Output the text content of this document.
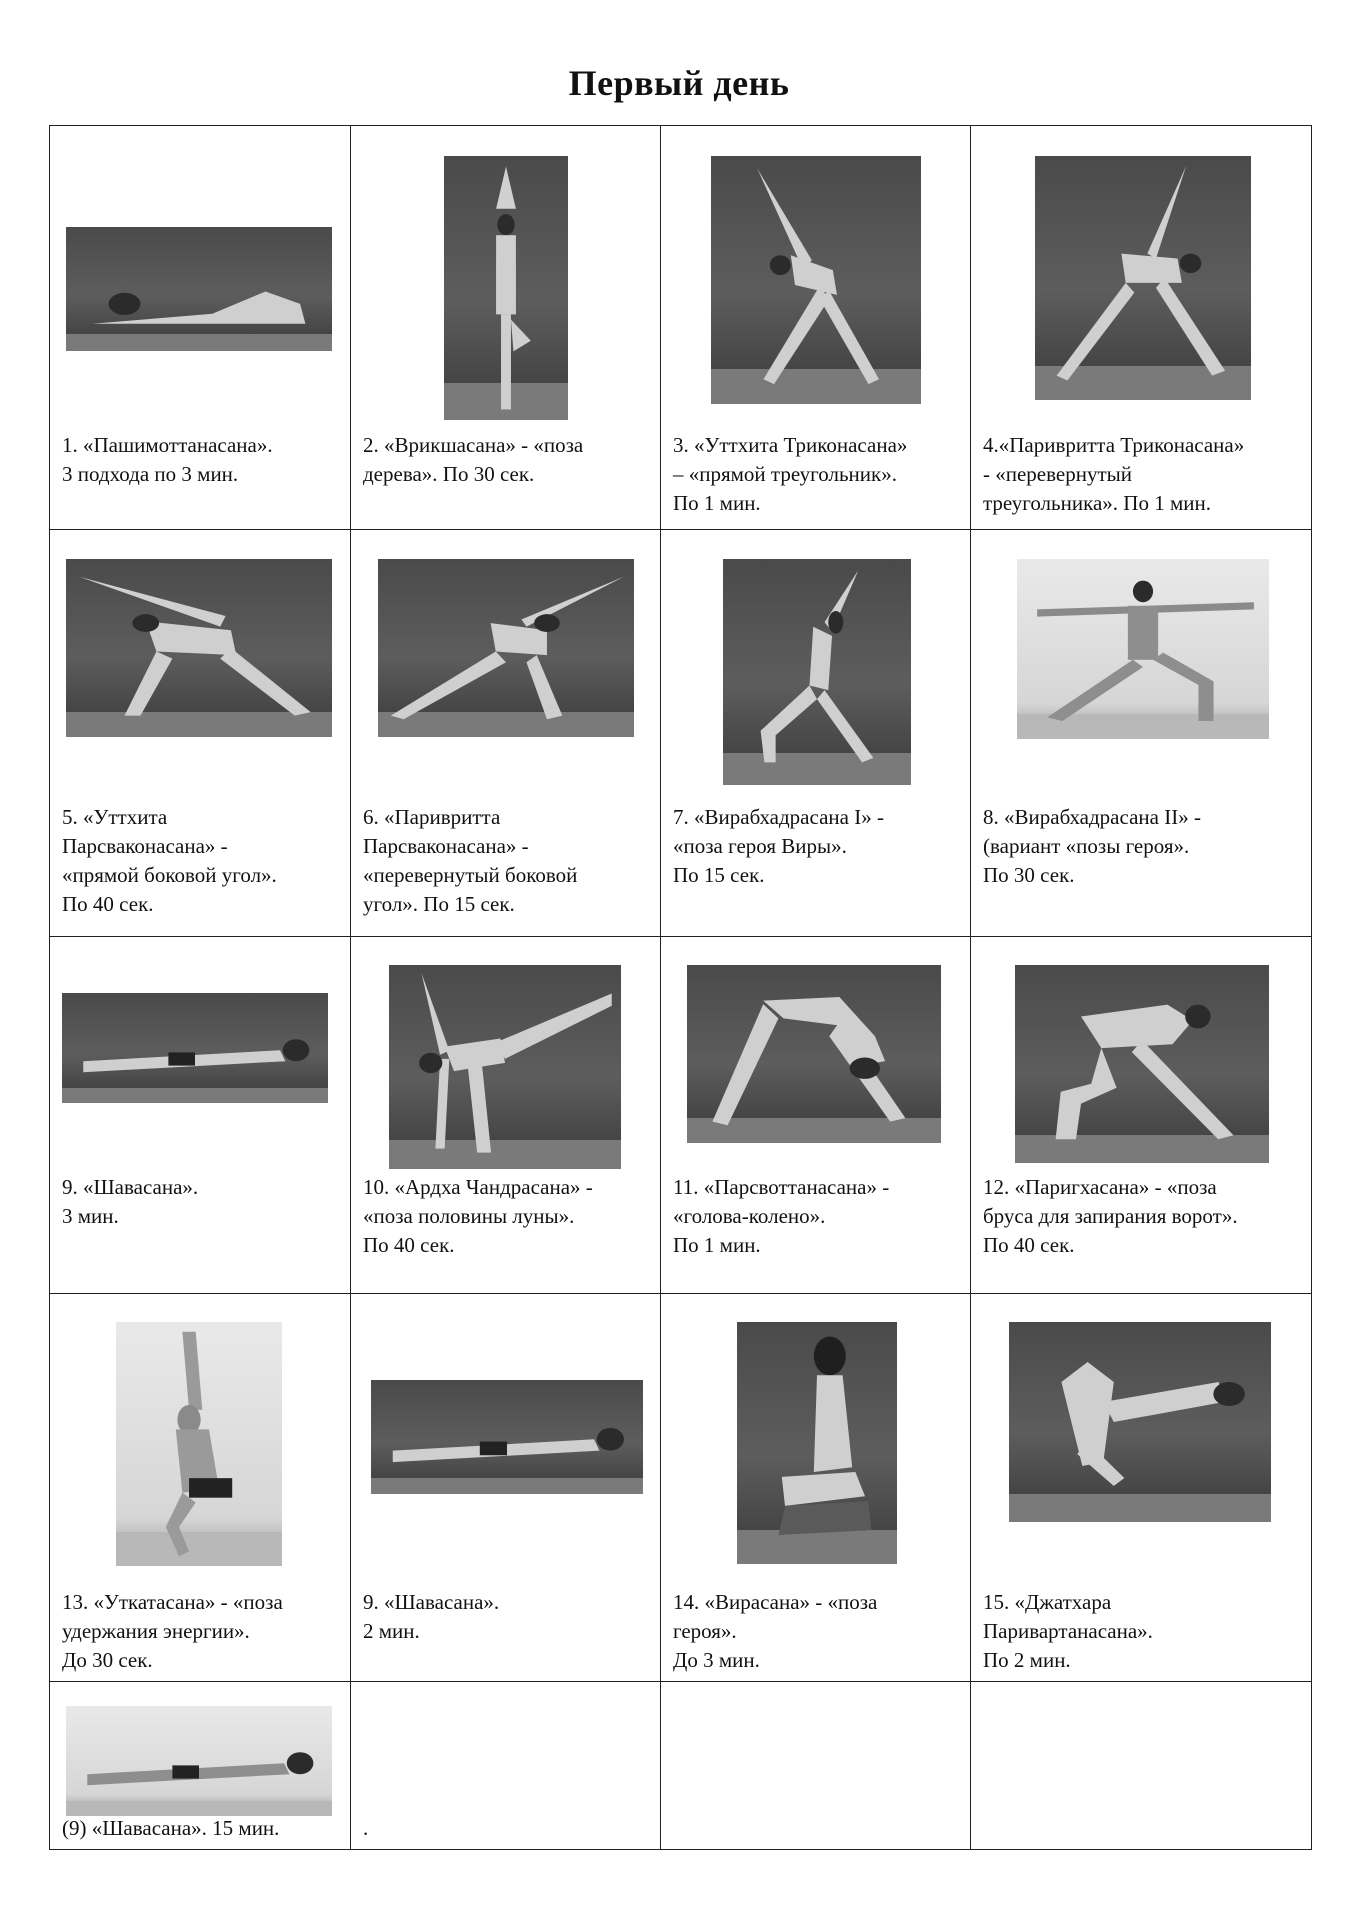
Первый день
1. «Пашимоттанасана».
3 подхода по 3 мин.	2. «Врикшасана» - «поза
дерева». По 30 сек.	3. «Уттхита Триконасана»
– «прямой треугольник».
По 1 мин.	4.«Паривритта Триконасана»
- «перевернутый
треугольника». По 1 мин.

5. «Уттхита
Парсваконасана» -
«прямой боковой угол».
По 40 сек.	6. «Паривритта
Парсваконасана» -
«перевернутый боковой
угол». По 15 сек.	7. «Вирабхадрасана I» -
«поза героя Виры».
По 15 сек.	8. «Вирабхадрасана II» -
(вариант «позы героя».
По 30 сек.

9. «Шавасана».
3 мин.	10. «Ардха Чандрасана» -
«поза половины луны».
По 40 сек.	11. «Парсвоттанасана» -
«голова-колено».
По 1 мин.	12. «Паригхасана» - «поза
бруса для запирания ворот».
По 40 сек.

13. «Уткатасана» - «поза
удержания энергии».
До 30 сек.	9. «Шавасана».
2 мин.	14. «Вирасана» - «поза
героя».
До 3 мин.	15. «Джатхара
Паривартанасана».
По 2 мин.

(9) «Шавасана». 15 мин.	.		
